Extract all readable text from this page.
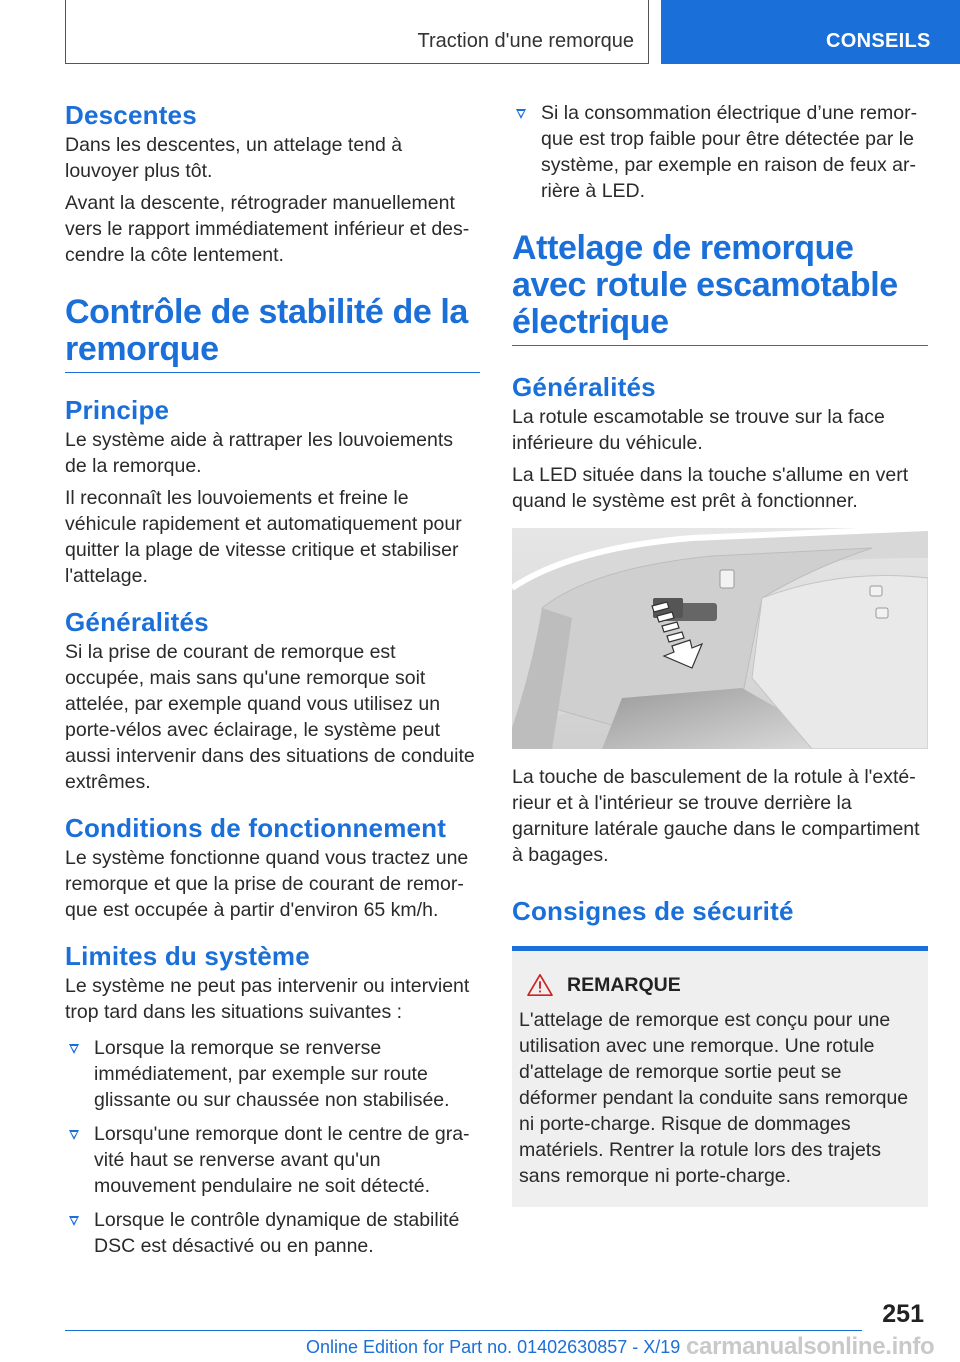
Traction d'une remorque	CONSEILS
Descentes

Dans les descentes, un attelage tend à louvoyer plus tôt.

Avant la descente, rétrograder manuellement vers le rapport immédiatement inférieur et descendre la côte lentement.

Contrôle de stabilité de la remorque
Principe

Le système aide à rattraper les louvoiements de la remorque.

Il reconnaît les louvoiements et freine le véhicule rapidement et automatiquement pour quitter la plage de vitesse critique et stabiliser l'attelage.

Généralités

Si la prise de courant de remorque est occupée, mais sans qu'une remorque soit attelée, par exemple quand vous utilisez un porte-vélos avec éclairage, le système peut aussi intervenir dans des situations de conduite extrêmes.

Conditions de fonctionnement

Le système fonctionne quand vous tractez une remorque et que la prise de courant de remorque est occupée à partir d'environ 65 km/h.

Limites du système

Le système ne peut pas intervenir ou intervient trop tard dans les situations suivantes :

Lorsque la remorque se renverse immédiatement, par exemple sur route glissante ou sur chaussée non stabilisée.
Lorsqu'une remorque dont le centre de gravité haut se renverse avant qu'un mouvement pendulaire ne soit détecté.
Lorsque le contrôle dynamique de stabilité DSC est désactivé ou en panne.
Si la consommation électrique d’une remorque est trop faible pour être détectée par le système, par exemple en raison de feux arrière à LED.
Attelage de remorque avec rotule escamotable électrique
Généralités

La rotule escamotable se trouve sur la face inférieure du véhicule.

La LED située dans la touche s'allume en vert quand le système est prêt à fonctionner.

La touche de basculement de la rotule à l'extérieur et à l'intérieur se trouve derrière la garniture latérale gauche dans le compartiment à bagages.

Consignes de sécurité
REMARQUE

L'attelage de remorque est conçu pour une utilisation avec une remorque. Une rotule d'attelage de remorque sortie peut se déformer pendant la conduite sans remorque ni porte-charge. Risque de dommages matériels. Rentrer la rotule lors des trajets sans remorque ni porte-charge.

251
Online Edition for Part no. 01402630857 - X/19 carmanualsonline.info
